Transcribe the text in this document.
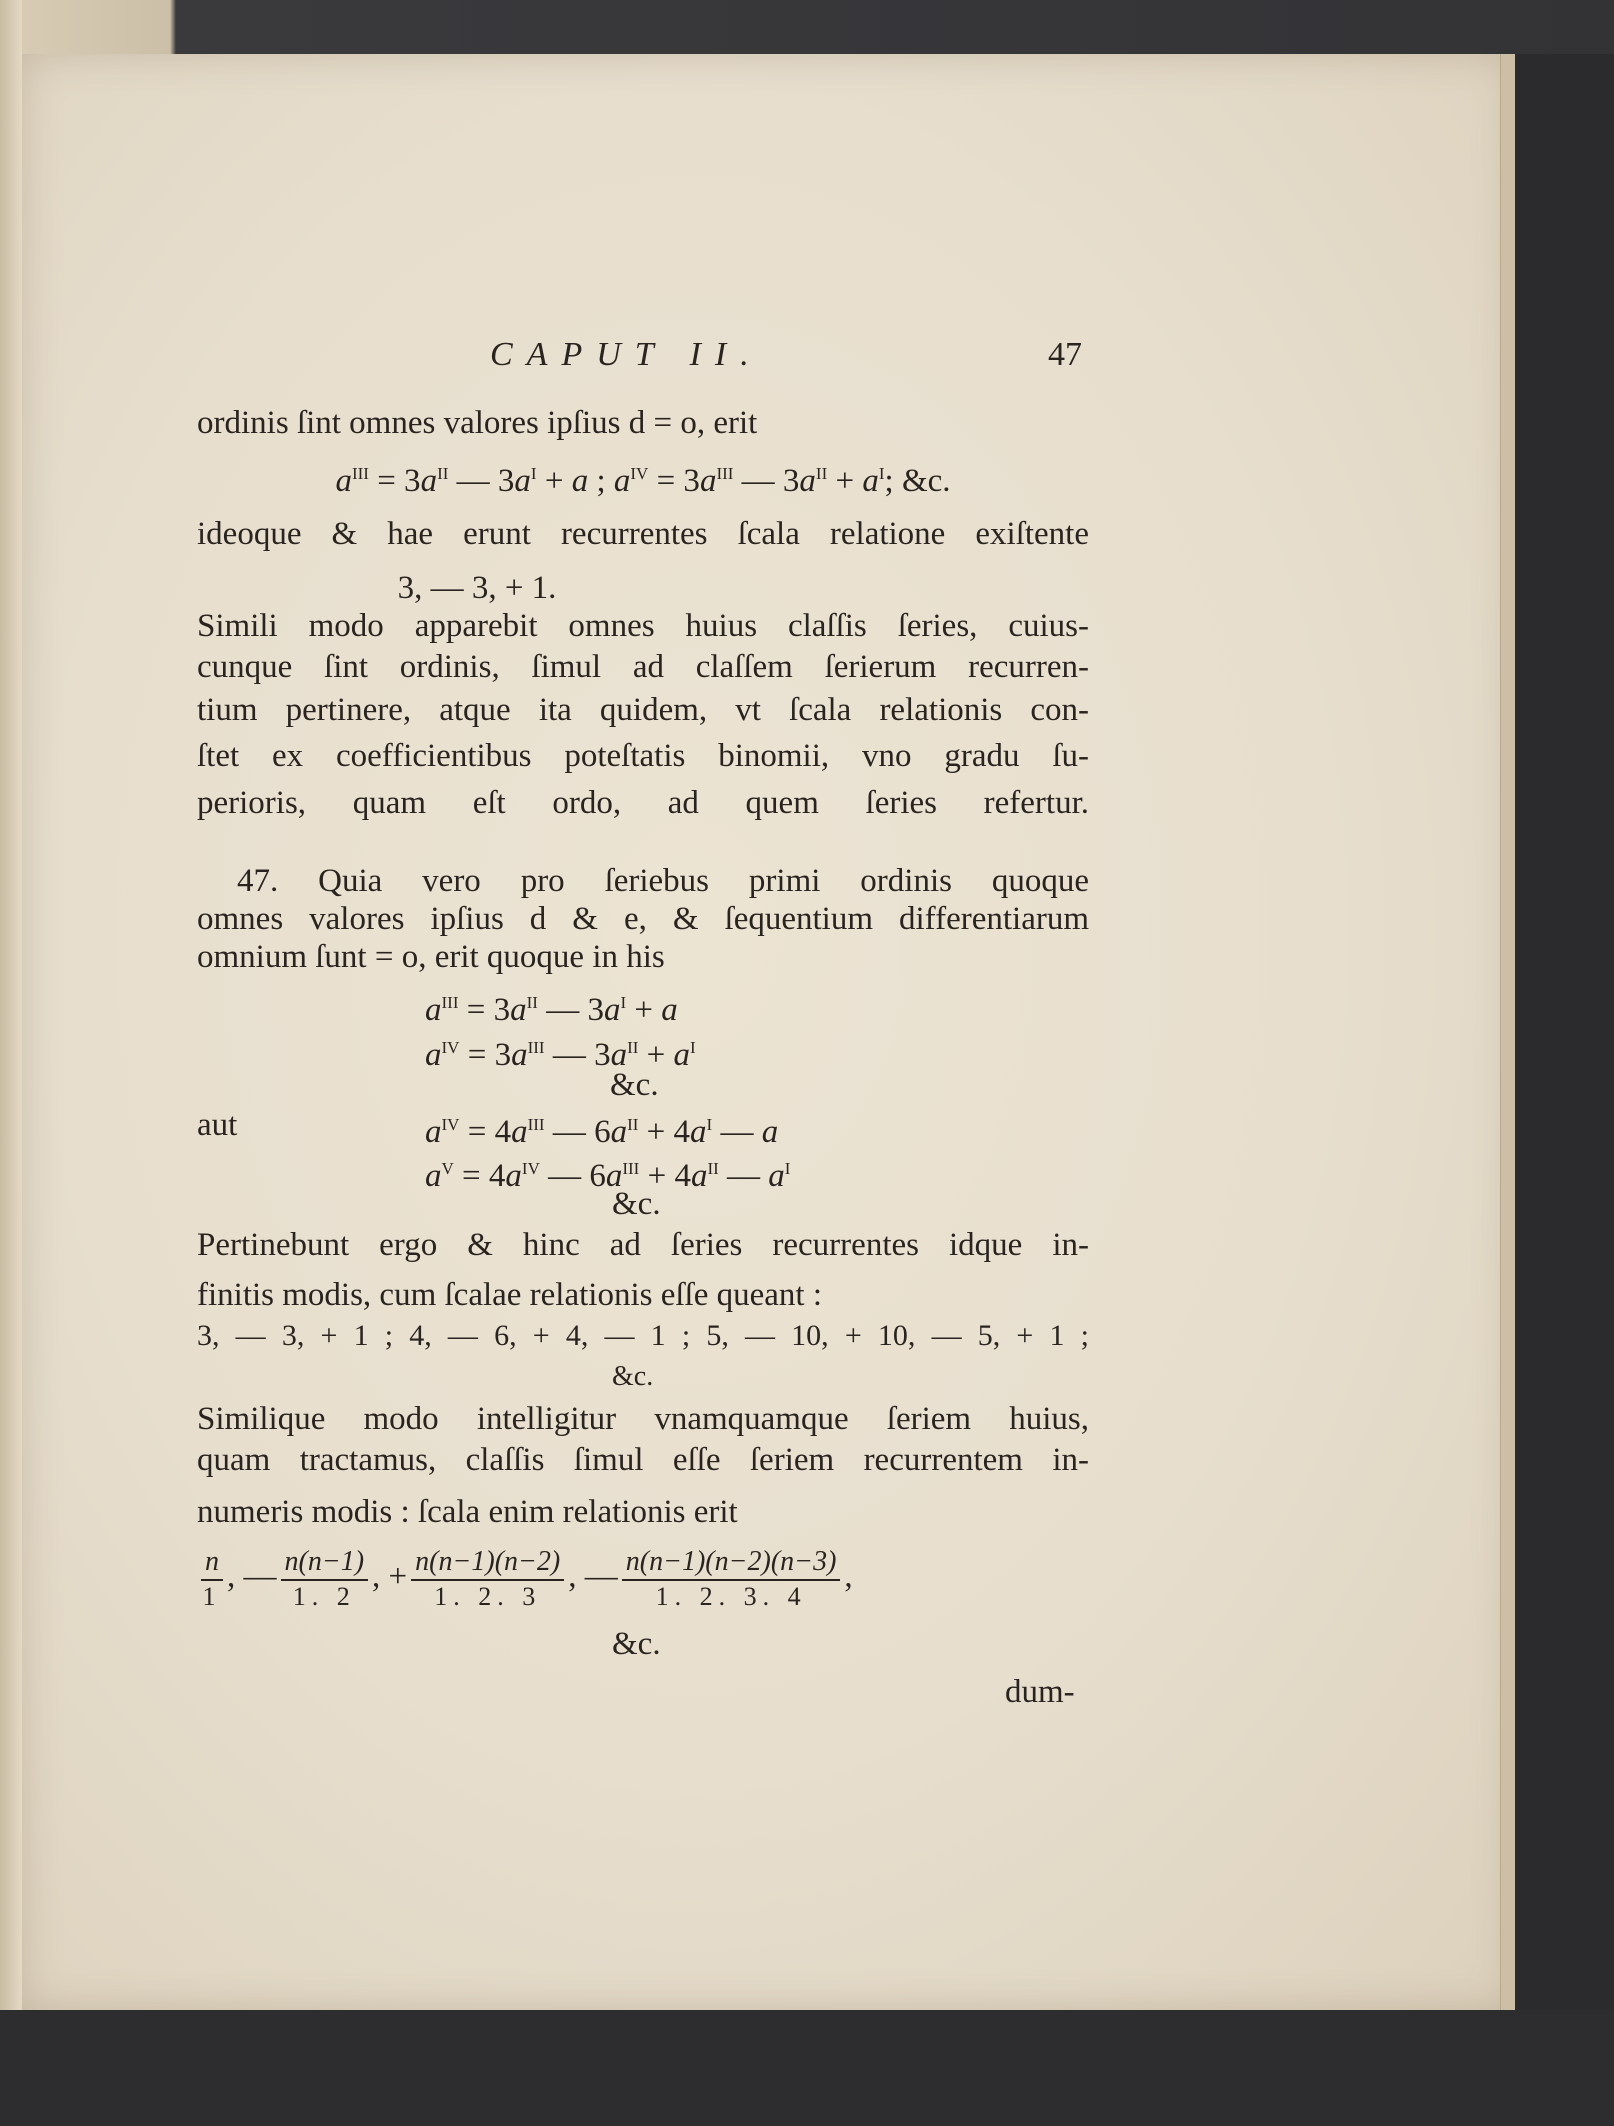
CAPUT II.	47
ordinis ſint omnes valores ipſius d = o, erit
$a^{III} = 3a^{II}$ — $3a^I + a$ ; $a^{IV} = 3a^{III}$ — $3a^{II} + a^I$; &c.
ideoque & hae erunt recurrentes ſcala relatione exiſtente
3, — 3, + 1.
Simili modo apparebit omnes huius claſſis ſeries, cuius-
cunque ſint ordinis, ſimul ad claſſem ſerierum recurren-
tium pertinere, atque ita quidem, vt ſcala relationis con-
ſtet ex coefficientibus poteſtatis binomii, vno gradu ſu-
perioris, quam eſt ordo, ad quem ſeries refertur.
47. Quia vero pro ſeriebus primi ordinis quoque
omnes valores ipſius d & e, & ſequentium differentiarum
omnium ſunt = o, erit quoque in his
$a^{III} = 3a^{II}$ — $3a^I + a$
$a^{IV} = 3a^{III}$ — $3a^{II} + a^I$
&c.
aut	$a^{IV} = 4a^{III}$ — $6a^{II} + 4a^I$ — a
$a^V = 4a^{IV}$ — $6a^{III} + 4a^{II}$ — $a^I$
&c.
Pertinebunt ergo & hinc ad ſeries recurrentes idque in-
finitis modis, cum ſcalae relationis eſſe queant :
3, — 3, + 1 ; 4, — 6, + 4, — 1 ; 5, — 10, + 10, — 5, + 1 ;
&c.
Similique modo intelligitur vnamquamque ſeriem huius,
quam tractamus, claſſis ſimul eſſe ſeriem recurrentem in-
numeris modis : ſcala enim relationis erit
$\frac{n}{1}$ , — $\frac{n(n-1)}{1. 2}$ , + $\frac{n(n-1)(n-2)}{1. 2. 3}$ , — $\frac{n(n-1)(n-2)(n-3)}{1. 2. 3. 4}$ ,
&c.
dum-
